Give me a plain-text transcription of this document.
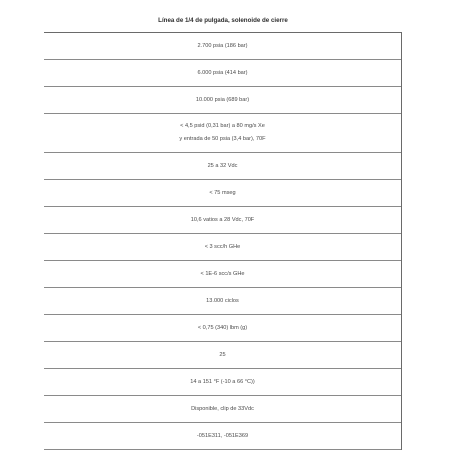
Línea de 1/4 de pulgada, solenoide de cierre
2.700 psia (186 bar)
6.000 psia (414 bar)
10.000 psia (689 bar)
< 4,5 psid (0,31 bar) a 80 mg/s Xe
y entrada de 50 psia (3,4 bar), 70F
25 a 32 Vdc
< 75 mseg
10,6 vatios a 28 Vdc, 70F
< 3 scc/h GHe
< 1E-6 scc/s GHe
13.000 ciclos
< 0,75 (340) lbm (g)
25
14 a 151 °F (-10 a 66 °C))
Disponible, clip de 33Vdc
-051E311, -051E369
